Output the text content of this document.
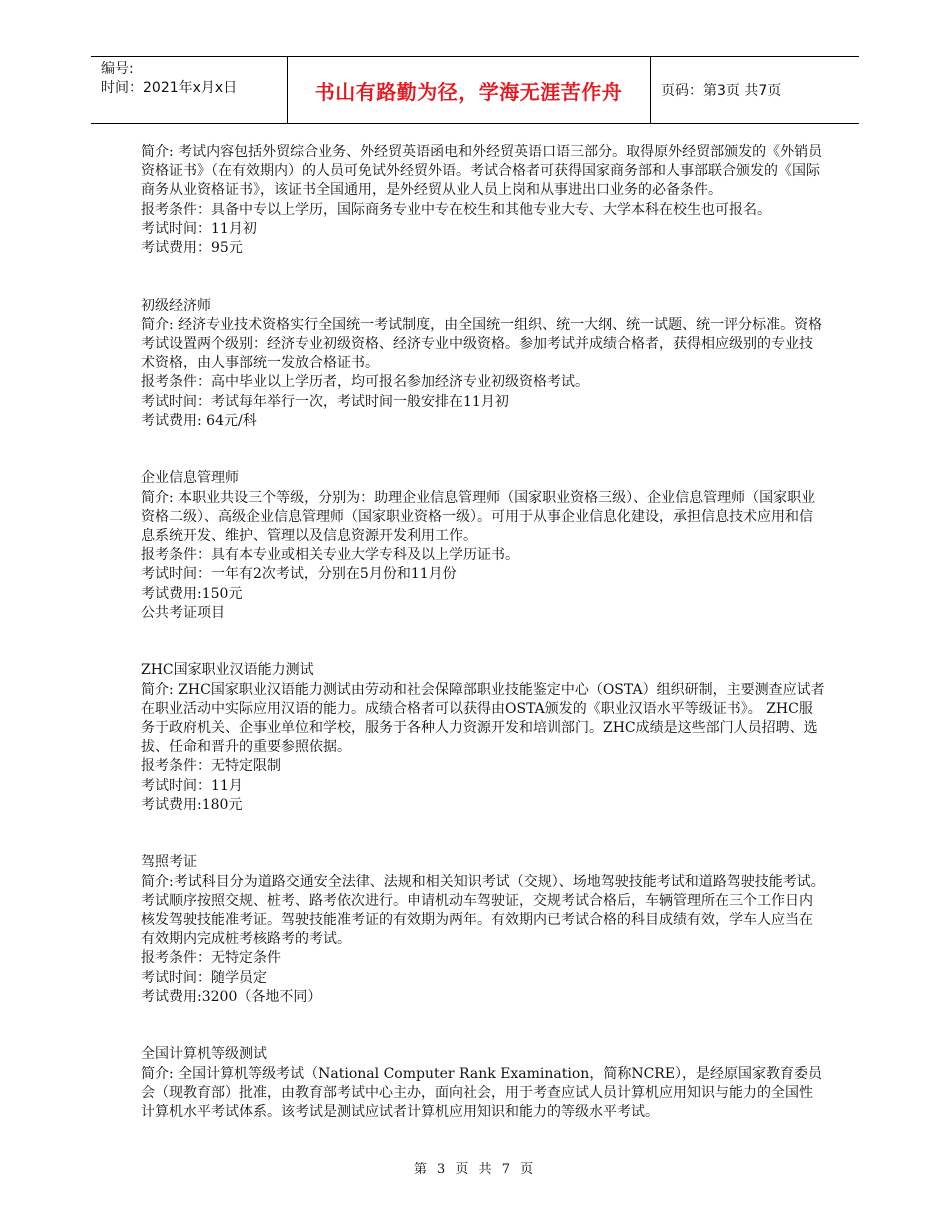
编号:
时间：2021年x月x日	书山有路勤为径，学海无涯苦作舟	页码：第3页 共7页

简介: 考试内容包括外贸综合业务、外经贸英语函电和外经贸英语口语三部分。取得原外经贸部颁发的《外销员资格证书》（在有效期内）的人员可免试外经贸外语。考试合格者可获得国家商务部和人事部联合颁发的《国际商务从业资格证书》，该证书全国通用，是外经贸从业人员上岗和从事进出口业务的必备条件。

报考条件：具备中专以上学历，国际商务专业中专在校生和其他专业大专、大学本科在校生也可报名。

考试时间：11月初

考试费用：95元

初级经济师

简介: 经济专业技术资格实行全国统一考试制度，由全国统一组织、统一大纲、统一试题、统一评分标准。资格考试设置两个级别：经济专业初级资格、经济专业中级资格。参加考试并成绩合格者，获得相应级别的专业技术资格，由人事部统一发放合格证书。

报考条件：高中毕业以上学历者，均可报名参加经济专业初级资格考试。

考试时间：考试每年举行一次，考试时间一般安排在11月初

考试费用: 64元/科

企业信息管理师

简介: 本职业共设三个等级，分别为：助理企业信息管理师（国家职业资格三级）、企业信息管理师（国家职业资格二级）、高级企业信息管理师（国家职业资格一级）。可用于从事企业信息化建设，承担信息技术应用和信息系统开发、维护、管理以及信息资源开发利用工作。

报考条件：具有本专业或相关专业大学专科及以上学历证书。

考试时间：一年有2次考试，分别在5月份和11月份

考试费用:150元

公共考证项目

ZHC国家职业汉语能力测试

简介: ZHC国家职业汉语能力测试由劳动和社会保障部职业技能鉴定中心（OSTA）组织研制，主要测查应试者在职业活动中实际应用汉语的能力。成绩合格者可以获得由OSTA颁发的《职业汉语水平等级证书》。 ZHC服务于政府机关、企事业单位和学校，服务于各种人力资源开发和培训部门。ZHC成绩是这些部门人员招聘、选拔、任命和晋升的重要参照依据。

报考条件：无特定限制

考试时间：11月

考试费用:180元

驾照考证

简介:考试科目分为道路交通安全法律、法规和相关知识考试（交规）、场地驾驶技能考试和道路驾驶技能考试。考试顺序按照交规、桩考、路考依次进行。申请机动车驾驶证，交规考试合格后，车辆管理所在三个工作日内核发驾驶技能准考证。驾驶技能准考证的有效期为两年。有效期内已考试合格的科目成绩有效，学车人应当在有效期内完成桩考核路考的考试。

报考条件：无特定条件

考试时间：随学员定

考试费用:3200（各地不同）

全国计算机等级测试

简介: 全国计算机等级考试（National Computer Rank Examination，简称NCRE），是经原国家教育委员会（现教育部）批准，由教育部考试中心主办，面向社会，用于考查应试人员计算机应用知识与能力的全国性计算机水平考试体系。该考试是测试应试者计算机应用知识和能力的等级水平考试。

第 3 页 共 7 页
